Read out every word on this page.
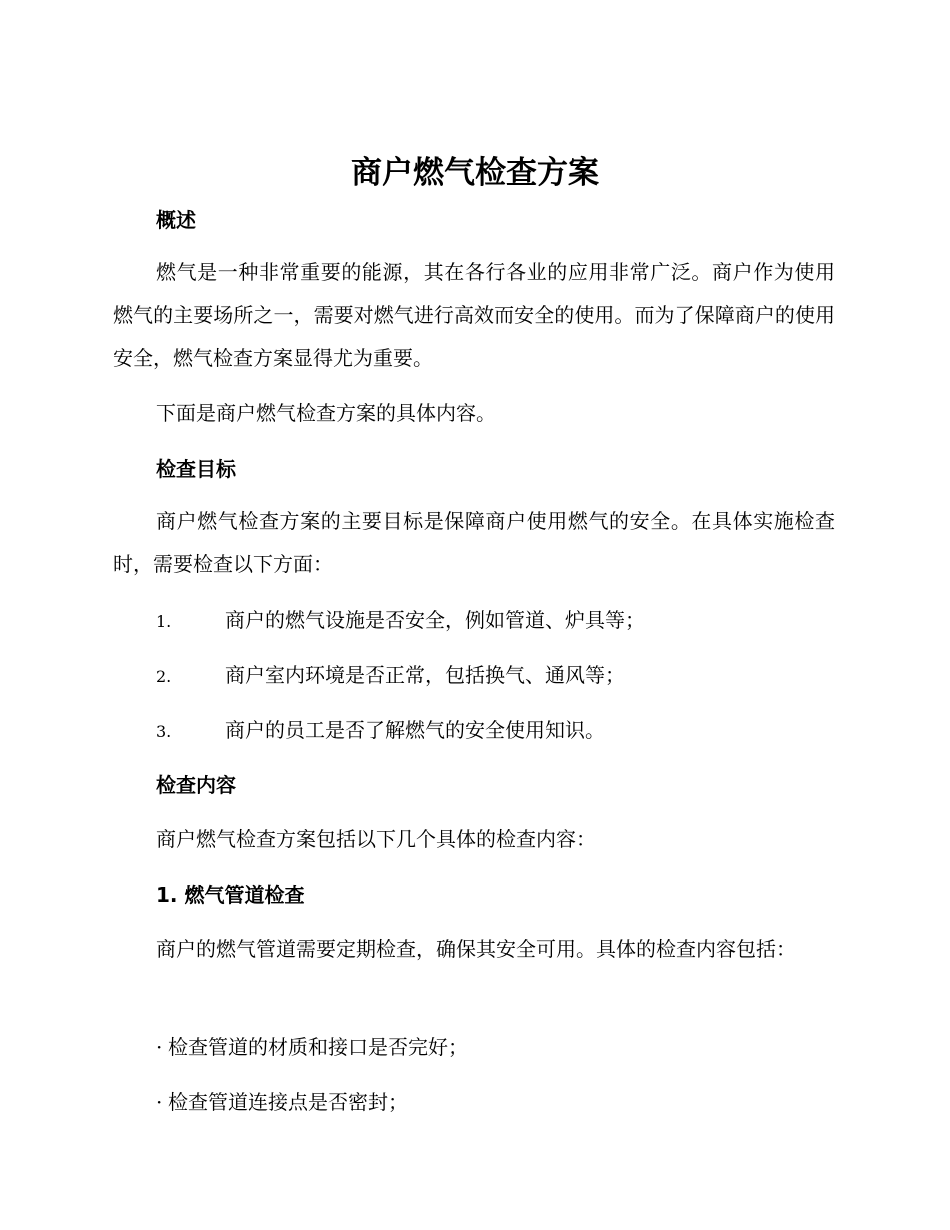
商户燃气检查方案
概述

燃气是一种非常重要的能源，其在各行各业的应用非常广泛。商户作为使用燃气的主要场所之一，需要对燃气进行高效而安全的使用。而为了保障商户的使用安全，燃气检查方案显得尤为重要。

下面是商户燃气检查方案的具体内容。

检查目标

商户燃气检查方案的主要目标是保障商户使用燃气的安全。在具体实施检查时，需要检查以下方面：

1.	商户的燃气设施是否安全，例如管道、炉具等；
2.	商户室内环境是否正常，包括换气、通风等；
3.	商户的员工是否了解燃气的安全使用知识。
检查内容

商户燃气检查方案包括以下几个具体的检查内容：

1. 燃气管道检查

商户的燃气管道需要定期检查，确保其安全可用。具体的检查内容包括：

· 检查管道的材质和接口是否完好；
· 检查管道连接点是否密封；
